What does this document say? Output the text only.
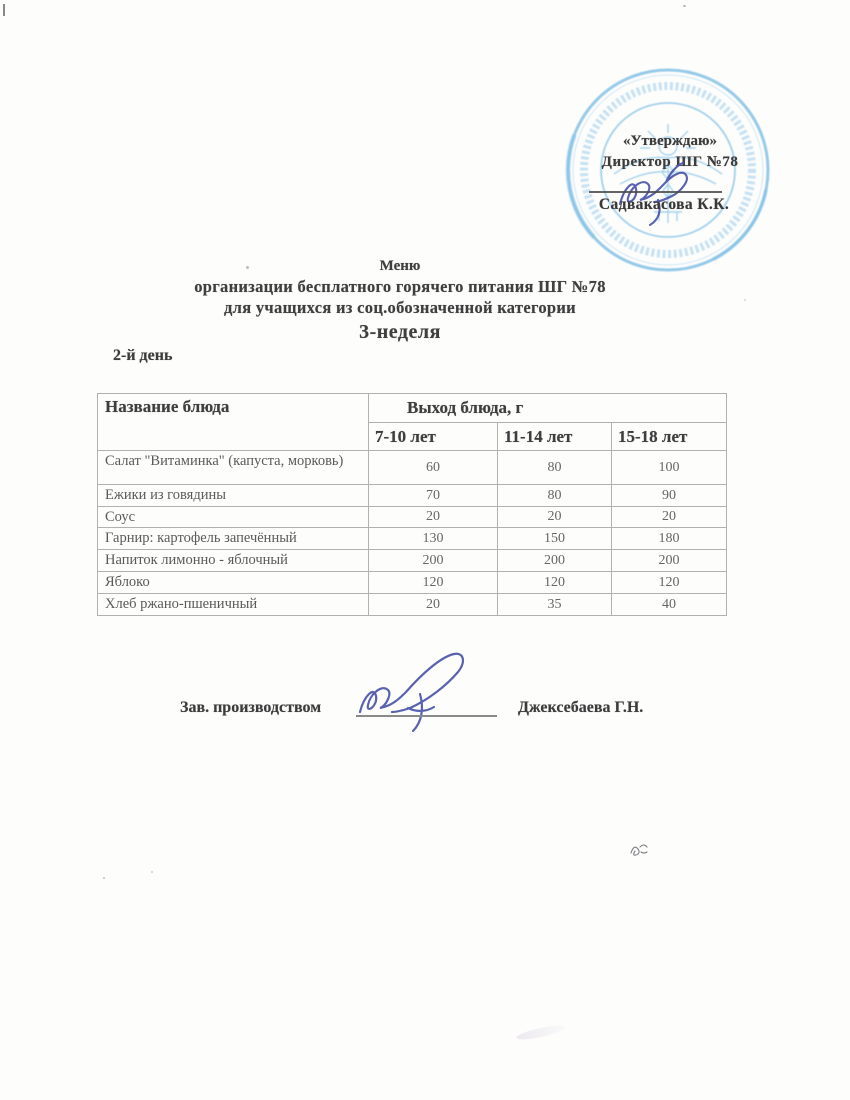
«Утверждаю»
Директор ШГ №78
Садвакасова К.К.
Меню
организации бесплатного горячего питания ШГ №78
для учащихся из соц.обозначенной категории
3-неделя
2-й день
Название блюда	Выход блюда, г		
	7-10 лет	11-14 лет	15-18 лет
Салат "Витаминка" (капуста, морковь)	60	80	100
Ежики из говядины	70	80	90
Соус	20	20	20
Гарнир: картофель запечённый	130	150	180
Напиток лимонно - яблочный	200	200	200
Яблоко	120	120	120
Хлеб ржано-пшеничный	20	35	40
Зав. производством	Джексебаева Г.Н.
